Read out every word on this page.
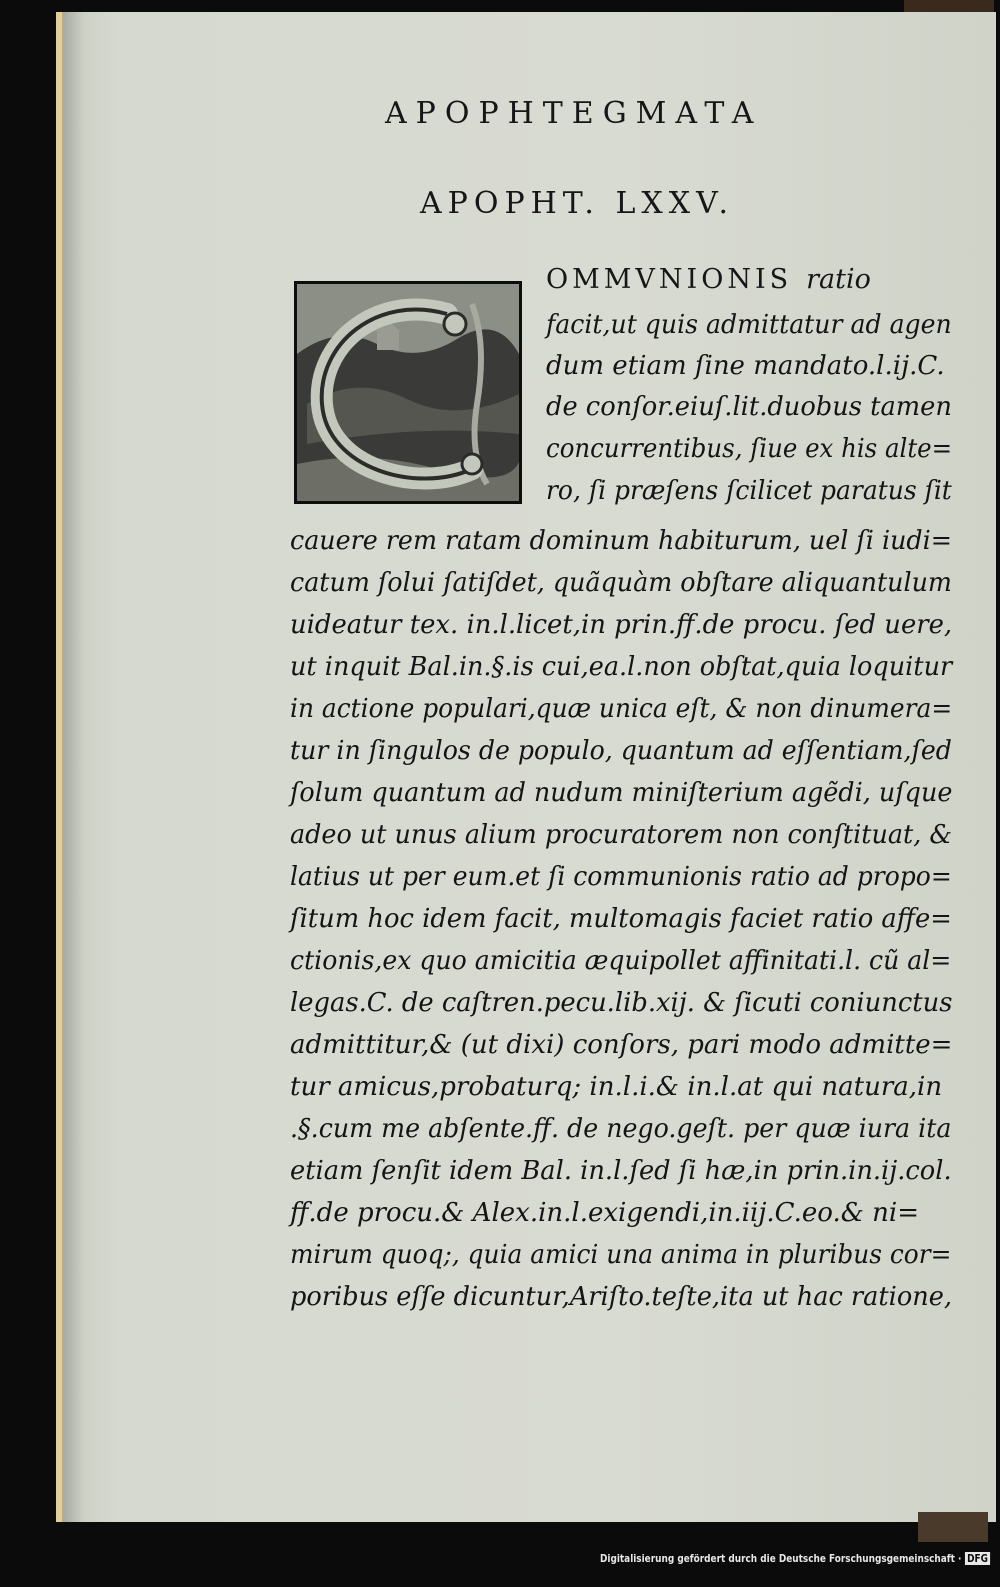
APOPHTEGMATA
APOPHT. LXXV.
OMMVNIONIS ratio
facit,ut quis admittatur ad agen
dum etiam ſine mandato.l.ij.C.
de conſor.eiuſ.lit.duobus tamen
concurrentibus, ſiue ex his alte=
ro, ſi præſens ſcilicet paratus ſit
cauere rem ratam dominum habiturum, uel ſi iudi=
catum ſolui ſatiſdet, quãquàm obſtare aliquantulum
uideatur tex. in.l.licet,in prin.ff.de procu. ſed uere,
ut inquit Bal.in.§.is cui,ea.l.non obſtat,quia loquitur
in actione populari,quæ unica eſt, & non dinumera=
tur in ſingulos de populo, quantum ad eſſentiam,ſed
ſolum quantum ad nudum miniſterium agẽdi, uſque
adeo ut unus alium procuratorem non conſtituat, &
latius ut per eum.et ſi communionis ratio ad propo=
ſitum hoc idem facit, multomagis faciet ratio affe=
ctionis,ex quo amicitia æquipollet affinitati.l. cũ al=
legas.C. de caſtren.pecu.lib.xij. & ſicuti coniunctus
admittitur,& (ut dixi) conſors, pari modo admitte=
tur amicus,probaturq; in.l.i.& in.l.at qui natura,in
.§.cum me abſente.ff. de nego.geſt. per quæ iura ita
etiam ſenſit idem Bal. in.l.ſed ſi hæ,in prin.in.ij.col.
ff.de procu.& Alex.in.l.exigendi,in.iij.C.eo.& ni=
mirum quoq;, quia amici una anima in pluribus cor=
poribus eſſe dicuntur,Ariſto.teſte,ita ut hac ratione,
Digitalisierung gefördert durch die Deutsche Forschungsgemeinschaft · DFG
